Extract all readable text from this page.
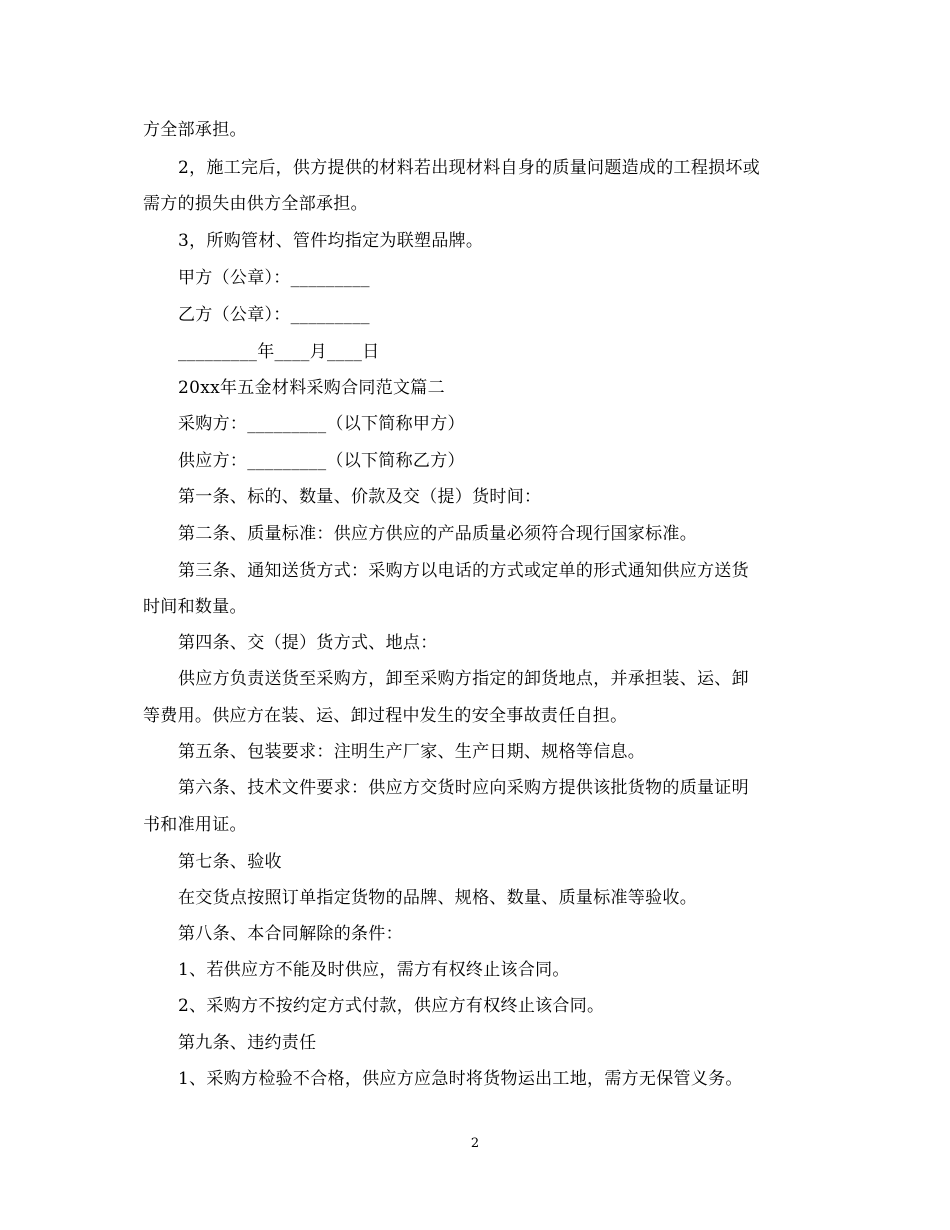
方全部承担。
2，施工完后，供方提供的材料若出现材料自身的质量问题造成的工程损坏或
需方的损失由供方全部承担。
3，所购管材、管件均指定为联塑品牌。
甲方（公章）：_________
乙方（公章）：_________
_________年____月____日
20xx年五金材料采购合同范文篇二
采购方：_________（以下简称甲方）
供应方：_________（以下简称乙方）
第一条、标的、数量、价款及交（提）货时间：
第二条、质量标准：供应方供应的产品质量必须符合现行国家标准。
第三条、通知送货方式：采购方以电话的方式或定单的形式通知供应方送货
时间和数量。
第四条、交（提）货方式、地点：
供应方负责送货至采购方，卸至采购方指定的卸货地点，并承担装、运、卸
等费用。供应方在装、运、卸过程中发生的安全事故责任自担。
第五条、包装要求：注明生产厂家、生产日期、规格等信息。
第六条、技术文件要求：供应方交货时应向采购方提供该批货物的质量证明
书和准用证。
第七条、验收
在交货点按照订单指定货物的品牌、规格、数量、质量标准等验收。
第八条、本合同解除的条件：
1、若供应方不能及时供应，需方有权终止该合同。
2、采购方不按约定方式付款，供应方有权终止该合同。
第九条、违约责任
1、采购方检验不合格，供应方应急时将货物运出工地，需方无保管义务。
2
